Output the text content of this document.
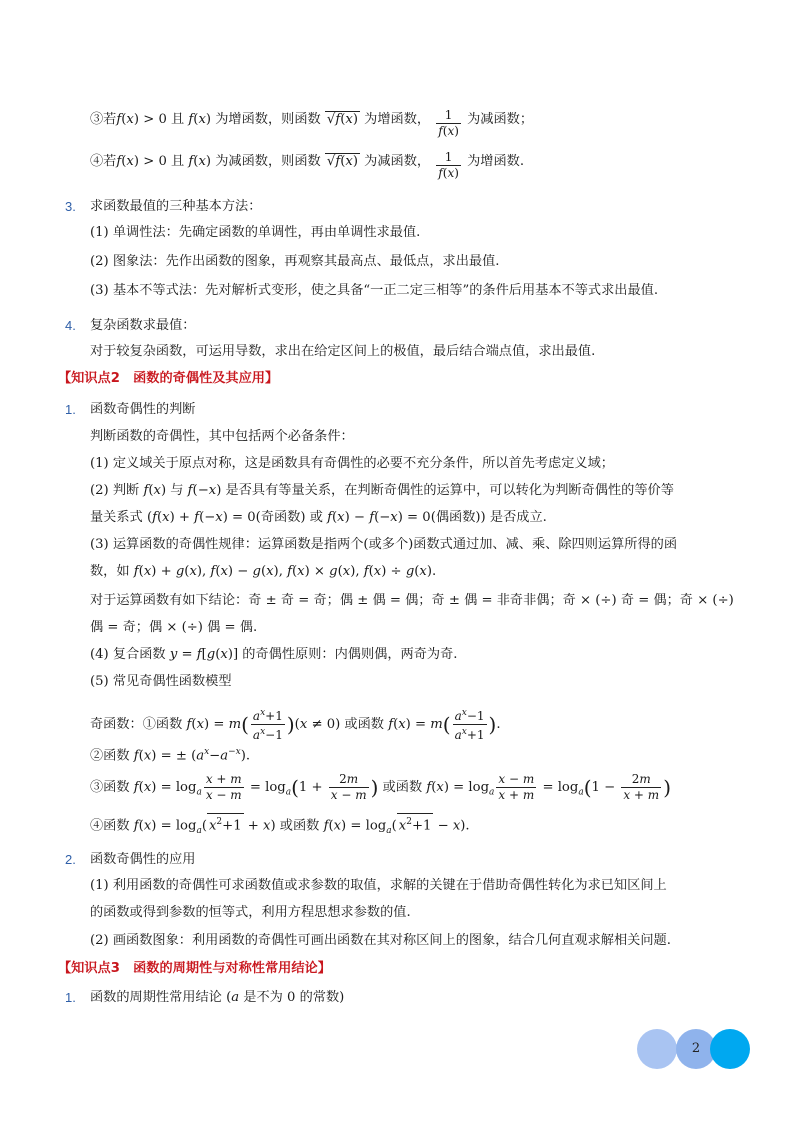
③若f(x) > 0 且 f(x) 为增函数，则函数 √f(x) 为增函数， $\frac{1}{f(x)}$ 为减函数；
④若f(x) > 0 且 f(x) 为减函数，则函数 √f(x) 为减函数， $\frac{1}{f(x)}$ 为增函数.
3. 求函数最值的三种基本方法：
(1) 单调性法：先确定函数的单调性，再由单调性求最值.
(2) 图象法：先作出函数的图象，再观察其最高点、最低点，求出最值.
(3) 基本不等式法：先对解析式变形，使之具备“一正二定三相等”的条件后用基本不等式求出最值.
4. 复杂函数求最值：
对于较复杂函数，可运用导数，求出在给定区间上的极值，最后结合端点值，求出最值.
【知识点2　函数的奇偶性及其应用】
1. 函数奇偶性的判断
判断函数的奇偶性，其中包括两个必备条件：
(1) 定义域关于原点对称，这是函数具有奇偶性的必要不充分条件，所以首先考虑定义域；
(2) 判断 f(x) 与 f(−x) 是否具有等量关系，在判断奇偶性的运算中，可以转化为判断奇偶性的等价等
量关系式 (f(x) + f(−x) = 0(奇函数) 或 f(x) − f(−x) = 0(偶函数)) 是否成立.
(3) 运算函数的奇偶性规律：运算函数是指两个(或多个)函数式通过加、减、乘、除四则运算所得的函
数，如 f(x) + g(x), f(x) − g(x), f(x) × g(x), f(x) ÷ g(x).
对于运算函数有如下结论：奇 ± 奇 = 奇；偶 ± 偶 = 偶；奇 ± 偶 = 非奇非偶；奇 × (÷) 奇 = 偶；奇 × (÷)
偶 = 奇；偶 × (÷) 偶 = 偶.
(4) 复合函数 y = f[g(x)] 的奇偶性原则：内偶则偶，两奇为奇.
(5) 常见奇偶性函数模型
奇函数：①函数 $f(x) = m( \frac{a^x+1}{a^x-1} )(x \ne 0)$ 或函数 $f(x) = m( \frac{a^x-1}{a^x+1}$ ).
②函数 f(x) = ± $(a^x-a^{-x})$.
③函数 $f(x) = \log_a \frac{x + m}{x - m} = \log_a(1 + \frac{2m}{x - m}$ ) 或函数 $f(x) = \log_a \frac{x - m}{x + m} = \log_a(1 - \frac{2m}{x + m}$ )
④函数 $f(x) = \log_a$( $x^2+1 + x$) 或函数 $f(x) = \log_a$( $x^2+1 - x$).
2. 函数奇偶性的应用
(1) 利用函数的奇偶性可求函数值或求参数的取值，求解的关键在于借助奇偶性转化为求已知区间上
的函数或得到参数的恒等式，利用方程思想求参数的值.
(2) 画函数图象：利用函数的奇偶性可画出函数在其对称区间上的图象，结合几何直观求解相关问题.
【知识点3　函数的周期性与对称性常用结论】
1. 函数的周期性常用结论 (a 是不为 0 的常数)
2
